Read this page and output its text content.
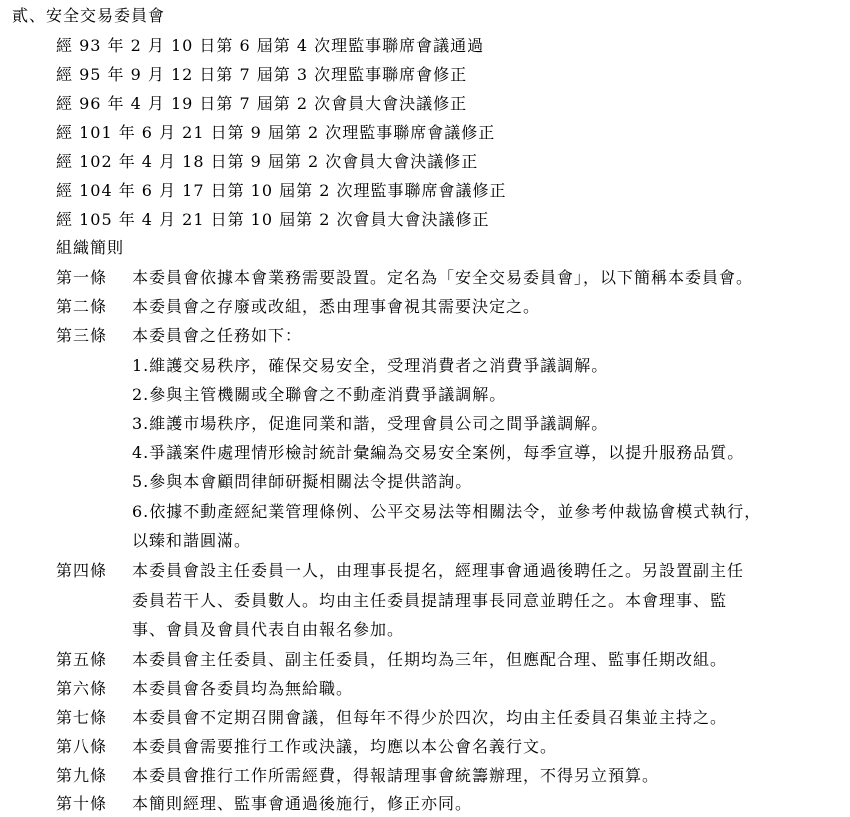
貳、安全交易委員會
經 93 年 2 月 10 日第 6 屆第 4 次理監事聯席會議通過
經 95 年 9 月 12 日第 7 屆第 3 次理監事聯席會修正
經 96 年 4 月 19 日第 7 屆第 2 次會員大會決議修正
經 101 年 6 月 21 日第 9 屆第 2 次理監事聯席會議修正
經 102 年 4 月 18 日第 9 屆第 2 次會員大會決議修正
經 104 年 6 月 17 日第 10 屆第 2 次理監事聯席會議修正
經 105 年 4 月 21 日第 10 屆第 2 次會員大會決議修正
組織簡則
第一條 本委員會依據本會業務需要設置。定名為「安全交易委員會」，以下簡稱本委員會。
第二條 本委員會之存廢或改組，悉由理事會視其需要決定之。
第三條 本委員會之任務如下：
1.維護交易秩序，確保交易安全，受理消費者之消費爭議調解。
2.參與主管機關或全聯會之不動產消費爭議調解。
3.維護市場秩序，促進同業和諧，受理會員公司之間爭議調解。
4.爭議案件處理情形檢討統計彙編為交易安全案例，每季宣導，以提升服務品質。
5.參與本會顧問律師研擬相關法令提供諮詢。
6.依據不動產經紀業管理條例、公平交易法等相關法令，並參考仲裁協會模式執行，
以臻和諧圓滿。
第四條 本委員會設主任委員一人，由理事長提名，經理事會通過後聘任之。另設置副主任
委員若干人、委員數人。均由主任委員提請理事長同意並聘任之。本會理事、監
事、會員及會員代表自由報名參加。
第五條 本委員會主任委員、副主任委員，任期均為三年，但應配合理、監事任期改組。
第六條 本委員會各委員均為無給職。
第七條 本委員會不定期召開會議，但每年不得少於四次，均由主任委員召集並主持之。
第八條 本委員會需要推行工作或決議，均應以本公會名義行文。
第九條 本委員會推行工作所需經費，得報請理事會統籌辦理，不得另立預算。
第十條 本簡則經理、監事會通過後施行，修正亦同。
